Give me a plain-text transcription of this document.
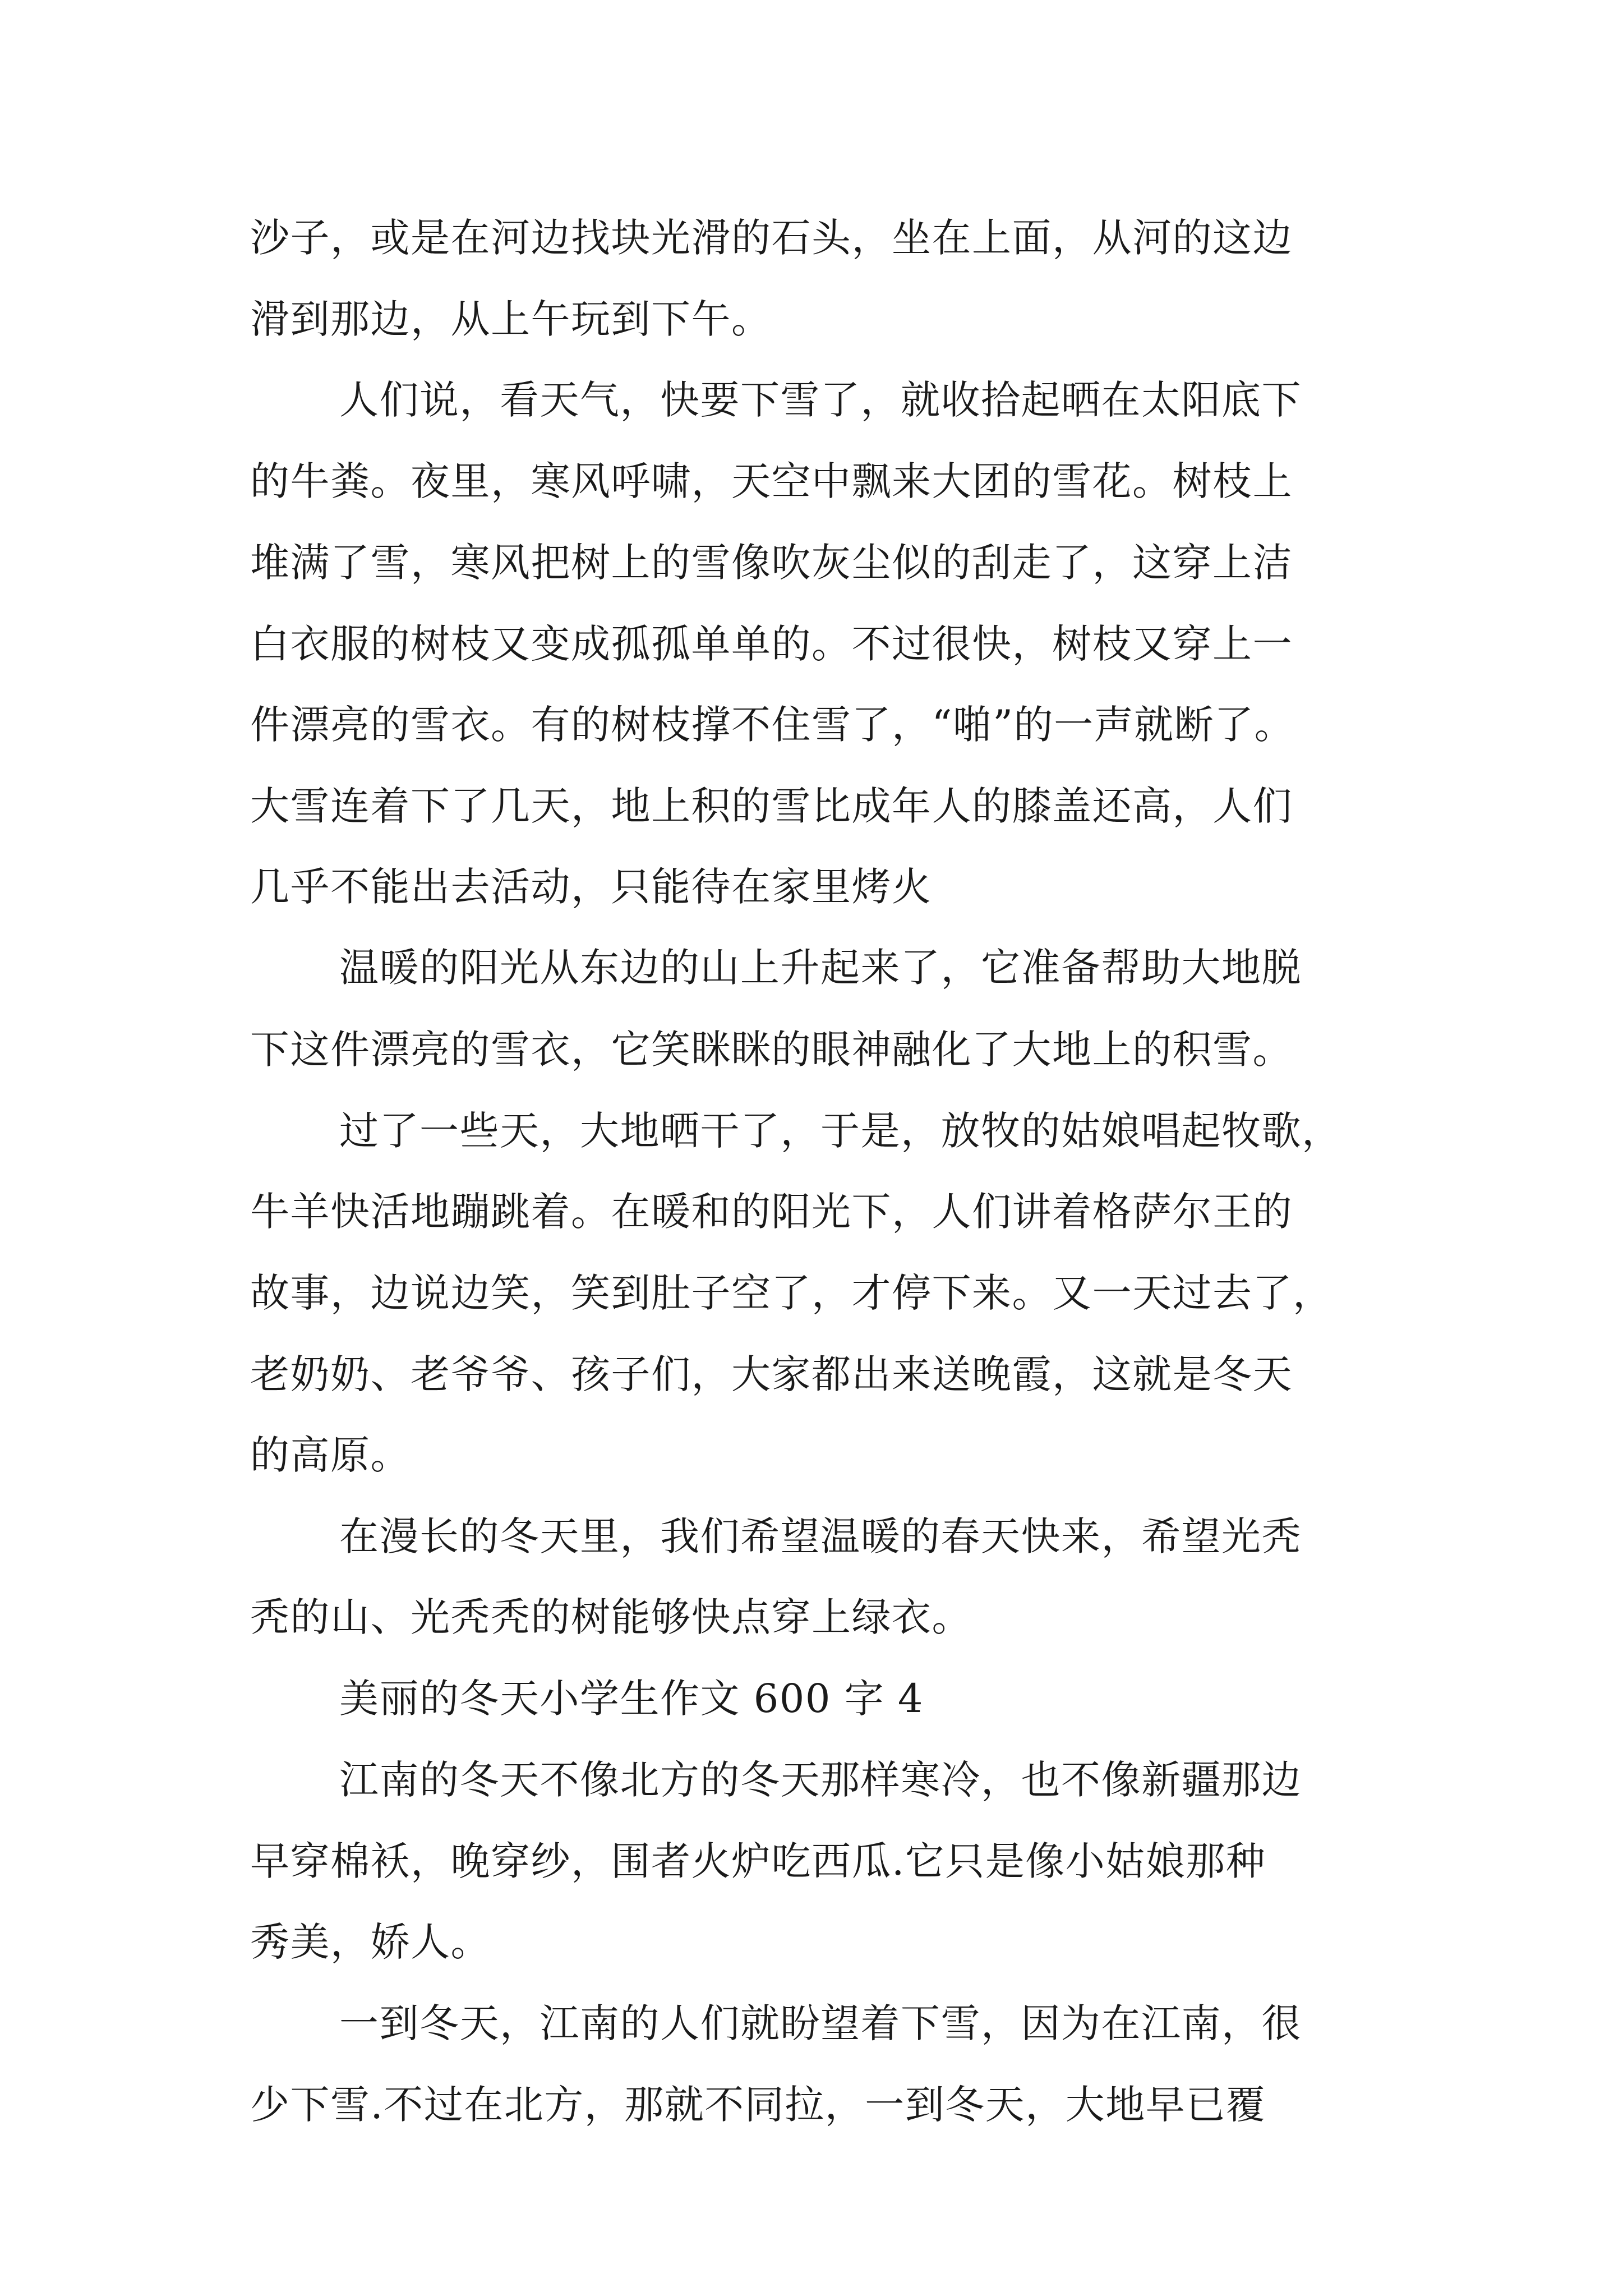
沙子，或是在河边找块光滑的石头，坐在上面，从河的这边
滑到那边，从上午玩到下午。
人们说，看天气，快要下雪了，就收拾起晒在太阳底下
的牛粪。夜里，寒风呼啸，天空中飘来大团的雪花。树枝上
堆满了雪，寒风把树上的雪像吹灰尘似的刮走了，这穿上洁
白衣服的树枝又变成孤孤单单的。不过很快，树枝又穿上一
件漂亮的雪衣。有的树枝撑不住雪了，“啪”的一声就断了。
大雪连着下了几天，地上积的雪比成年人的膝盖还高，人们
几乎不能出去活动，只能待在家里烤火
温暖的阳光从东边的山上升起来了，它准备帮助大地脱
下这件漂亮的雪衣，它笑眯眯的眼神融化了大地上的积雪。
过了一些天，大地晒干了，于是，放牧的姑娘唱起牧歌，
牛羊快活地蹦跳着。在暖和的阳光下，人们讲着格萨尔王的
故事，边说边笑，笑到肚子空了，才停下来。又一天过去了，
老奶奶、老爷爷、孩子们，大家都出来送晚霞，这就是冬天
的高原。
在漫长的冬天里，我们希望温暖的春天快来，希望光秃
秃的山、光秃秃的树能够快点穿上绿衣。
美丽的冬天小学生作文 600 字 4
江南的冬天不像北方的冬天那样寒冷，也不像新疆那边
早穿棉袄，晚穿纱，围者火炉吃西瓜.它只是像小姑娘那种
秀美，娇人。
一到冬天，江南的人们就盼望着下雪，因为在江南，很
少下雪.不过在北方，那就不同拉，一到冬天，大地早已覆
